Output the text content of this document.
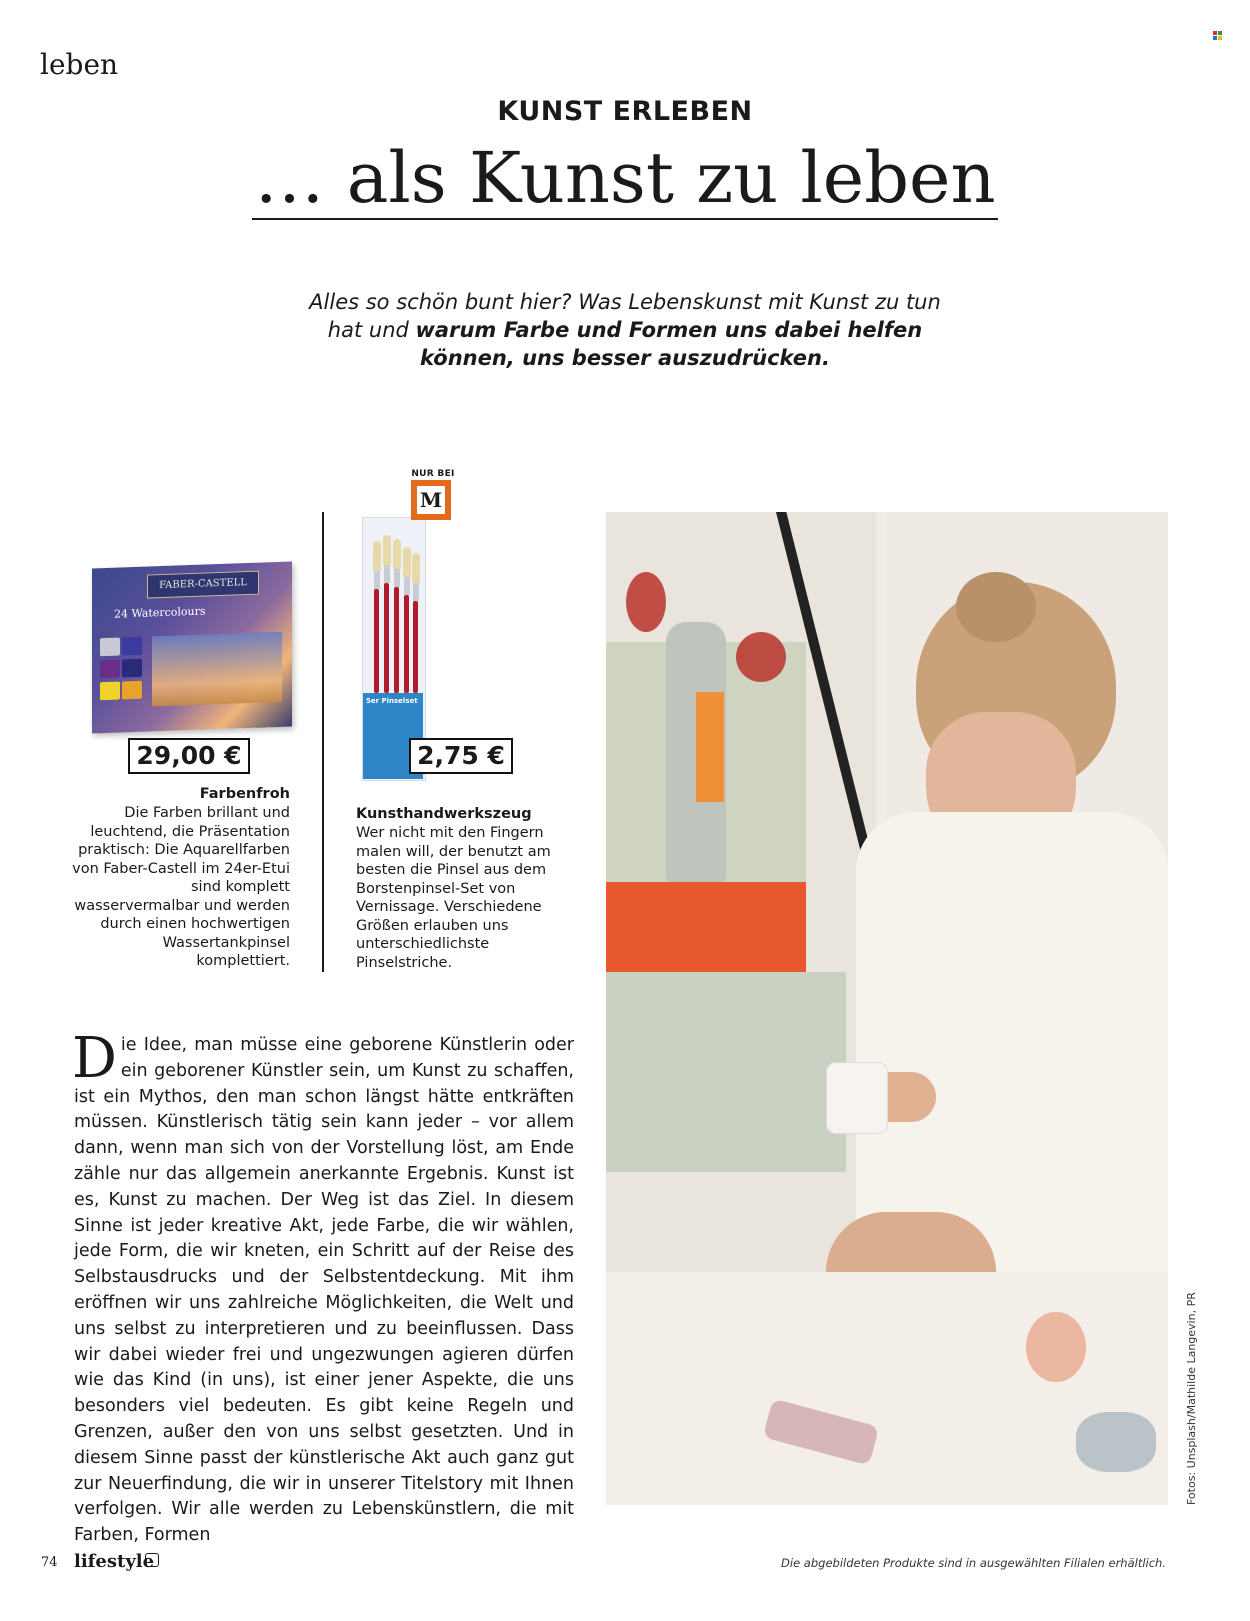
leben
KUNST ERLEBEN
… als Kunst zu leben
Alles so schön bunt hier? Was Lebenskunst mit Kunst zu tun hat und warum Farbe und Formen uns dabei helfen können, uns besser auszudrücken.
FABER-CASTELL
24 Watercolours
5er Pinselset
NUR BEI
M
29,00 €	2,75 €
Farbenfroh
Die Farben brillant und leuchtend, die Präsentation praktisch: Die Aquarellfarben von Faber-Castell im 24er-Etui sind komplett wasservermalbar und werden durch einen hochwertigen Wassertankpinsel komplettiert.
Kunsthandwerkszeug
Wer nicht mit den Fingern malen will, der benutzt am besten die Pinsel aus dem Borstenpinsel-Set von Vernissage. Verschiedene Größen erlauben uns unterschiedlichste Pinselstriche.
Die Idee, man müsse eine geborene Künstlerin oder ein geborener Künstler sein, um Kunst zu schaffen, ist ein Mythos, den man schon längst hätte entkräften müssen. Künstlerisch tätig sein kann jeder – vor allem dann, wenn man sich von der Vorstellung löst, am Ende zähle nur das allgemein anerkannte Ergebnis. Kunst ist es, Kunst zu machen. Der Weg ist das Ziel. In diesem Sinne ist jeder kreative Akt, jede Farbe, die wir wählen, jede Form, die wir kneten, ein Schritt auf der Reise des Selbstausdrucks und der Selbstentdeckung. Mit ihm eröffnen wir uns zahlreiche Möglichkeiten, die Welt und uns selbst zu interpretieren und zu beeinflussen. Dass wir dabei wieder frei und ungezwungen agieren dürfen wie das Kind (in uns), ist einer jener Aspekte, die uns besonders viel bedeuten. Es gibt keine Regeln und Grenzen, außer den von uns selbst gesetzten. Und in diesem Sinne passt der künstlerische Akt auch ganz gut zur Neuerfindung, die wir in unserer Titelstory mit Ihnen verfolgen. Wir alle werden zu Lebenskünstlern, die mit Farben, Formen
Fotos: Unsplash/Mathilde Langevin, PR
74 lifestyle	Die abgebildeten Produkte sind in ausgewählten Filialen erhältlich.
